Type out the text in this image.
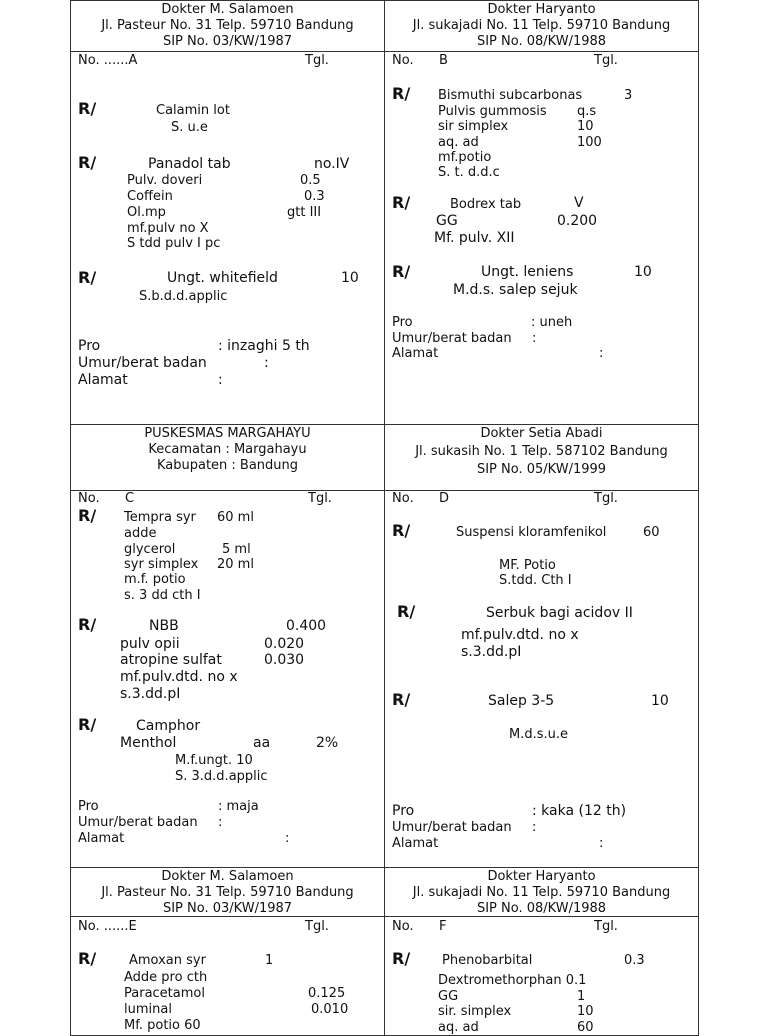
Dokter M. Salamoen
Jl. Pasteur No. 31 Telp. 59710 Bandung
SIP No. 03/KW/1987
Dokter Haryanto
Jl. sukajadi No. 11 Telp. 59710 Bandung
SIP No. 08/KW/1988
No. ......A	Tgl.
R/	Calamin lot
S. u.e
R/	Panadol tab	no.IV
Pulv. doveri	0.5
Coffein	0.3
Ol.mp	gtt III
mf.pulv no X
S tdd pulv I pc
R/	Ungt. whitefield	10
S.b.d.d.applic
Pro	: inzaghi 5 th
Umur/berat badan	:
Alamat	:
No. B	Tgl.
R/ Bismuthi subcarbonas	3
Pulvis gummosis q.s
sir simplex	10
aq. ad	100
mf.potio
S. t. d.d.c
R/	Bodrex tab	V
GG	0.200
Mf. pulv. XII
R/	Ungt. leniens	10
M.d.s. salep sejuk
Pro	: uneh
Umur/berat badan :
Alamat	:
PUSKESMAS MARGAHAYU
Kecamatan : Margahayu
Kabupaten : Bandung
Dokter Setia Abadi
Jl. sukasih No. 1 Telp. 587102 Bandung
SIP No. 05/KW/1999
No. C	Tgl.
R/ Tempra syr 60 ml
adde
glycerol	5 ml
syr simplex 20 ml
m.f. potio
s. 3 dd cth I
R/	NBB	0.400
pulv opii	0.020
atropine sulfat	0.030
mf.pulv.dtd. no x
s.3.dd.pI
R/	Camphor
Menthol	aa	2%
M.f.ungt. 10
S. 3.d.d.applic
Pro	: maja
Umur/berat badan :
Alamat	:
No. D	Tgl.
R/	Suspensi kloramfenikol	60
MF. Potio
S.tdd. Cth I
R/	Serbuk bagi acidov II
mf.pulv.dtd. no x
s.3.dd.pI
R/	Salep 3-5	10
M.d.s.u.e
Pro	: kaka (12 th)
Umur/berat badan :
Alamat	:
Dokter M. Salamoen
Jl. Pasteur No. 31 Telp. 59710 Bandung
SIP No. 03/KW/1987
Dokter Haryanto
Jl. sukajadi No. 11 Telp. 59710 Bandung
SIP No. 08/KW/1988
No. ......E	Tgl.
R/	Amoxan syr	1
Adde pro cth
Paracetamol	0.125
luminal	0.010
Mf. potio 60
No. F	Tgl.
R/ Phenobarbital	0.3
Dextromethorphan 0.1
GG	1
sir. simplex	10
aq. ad	60
